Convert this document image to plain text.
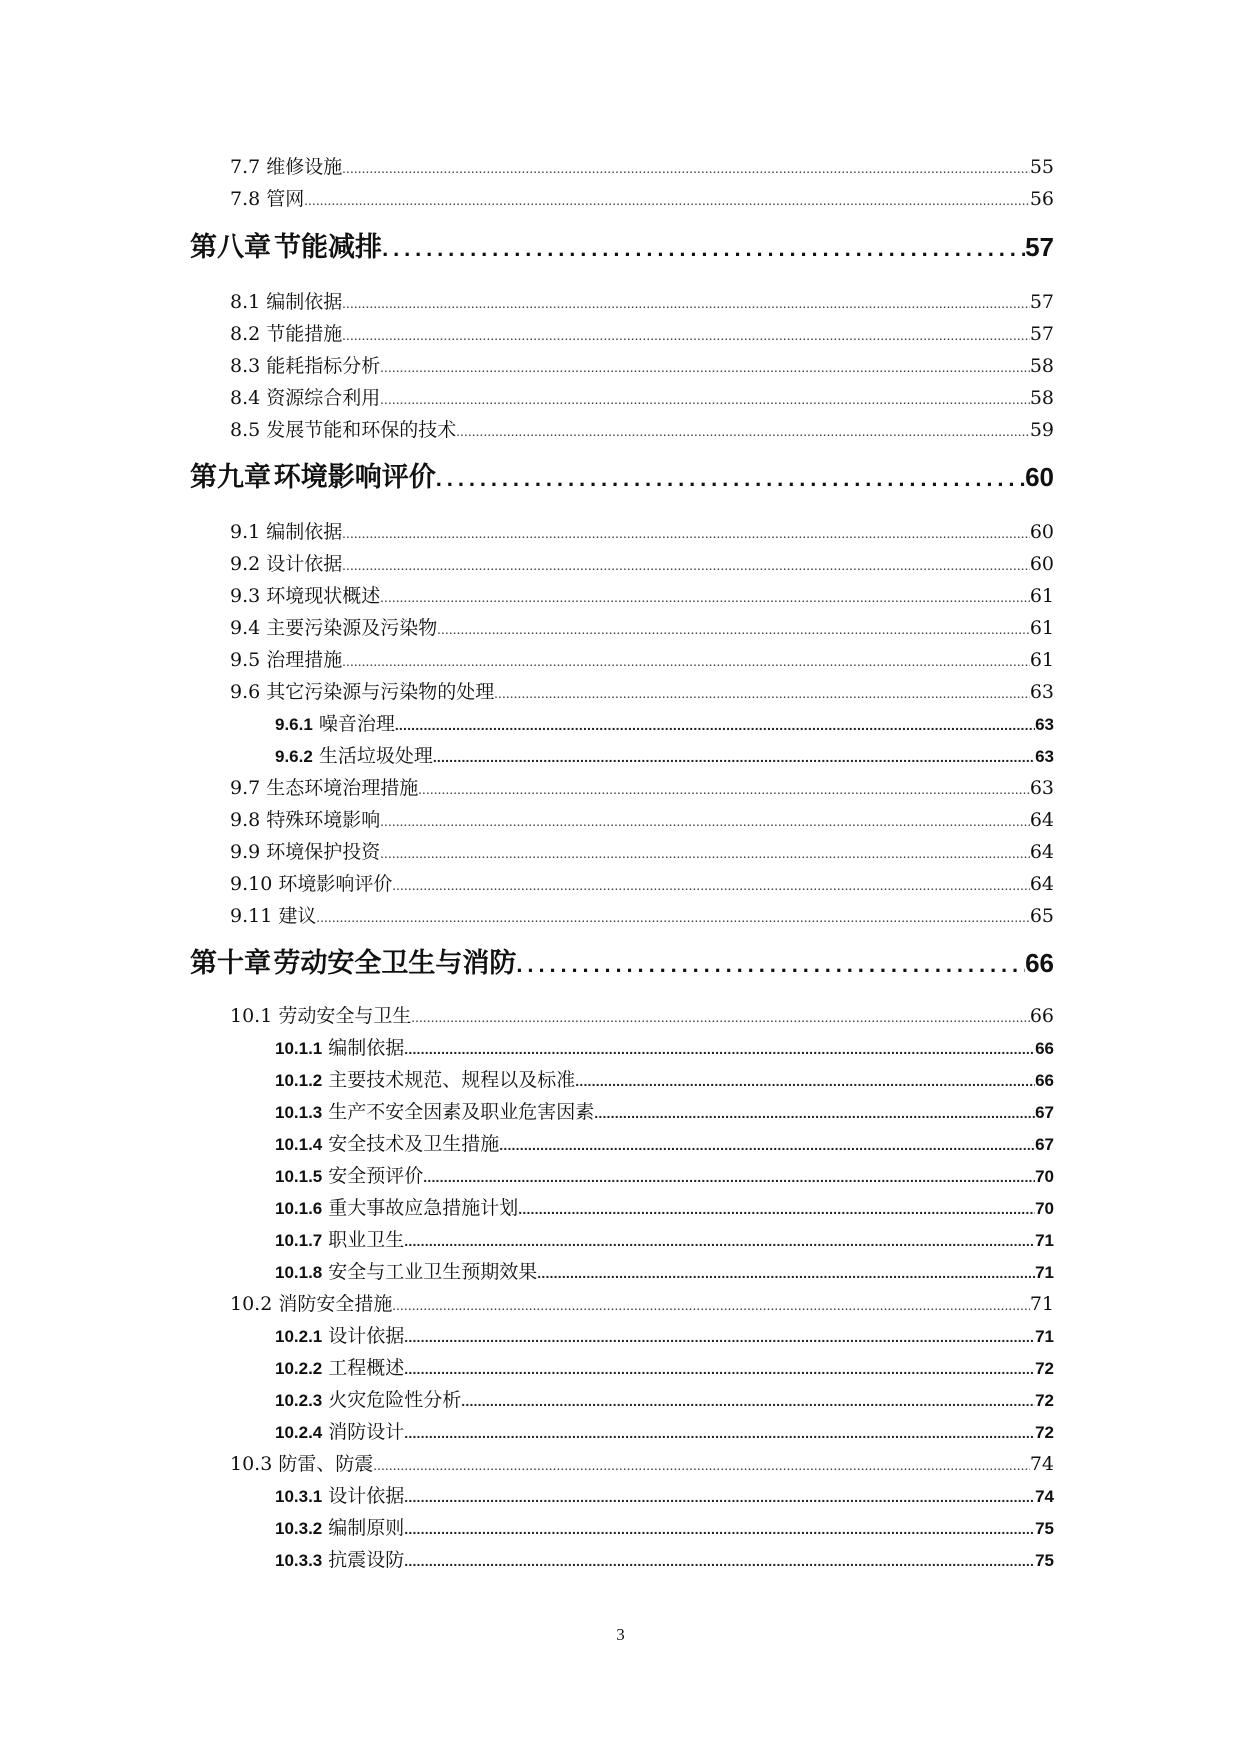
7.7 维修设施 .....	55
7.8 管网 .....	56
第八章 节能减排 .....	57
8.1 编制依据 .....	57
8.2 节能措施 .....	57
8.3 能耗指标分析 .....	58
8.4 资源综合利用 .....	58
8.5 发展节能和环保的技术 .....	59
第九章 环境影响评价 .....	60
9.1 编制依据 .....	60
9.2 设计依据 .....	60
9.3 环境现状概述 .....	61
9.4 主要污染源及污染物 .....	61
9.5 治理措施 .....	61
9.6 其它污染源与污染物的处理 .....	63
9.6.1 噪音治理 .....	63
9.6.2 生活垃圾处理 .....	63
9.7 生态环境治理措施 .....	63
9.8 特殊环境影响 .....	64
9.9 环境保护投资 .....	64
9.10 环境影响评价 .....	64
9.11 建议 .....	65
第十章 劳动安全卫生与消防 .....	66
10.1 劳动安全与卫生 .....	66
10.1.1 编制依据 .....	66
10.1.2 主要技术规范、规程以及标准 .....	66
10.1.3 生产不安全因素及职业危害因素 .....	67
10.1.4 安全技术及卫生措施 .....	67
10.1.5 安全预评价 .....	70
10.1.6 重大事故应急措施计划 .....	70
10.1.7 职业卫生 .....	71
10.1.8 安全与工业卫生预期效果 .....	71
10.2 消防安全措施 .....	71
10.2.1 设计依据 .....	71
10.2.2 工程概述 .....	72
10.2.3 火灾危险性分析 .....	72
10.2.4 消防设计 .....	72
10.3 防雷、防震 .....	74
10.3.1 设计依据 .....	74
10.3.2 编制原则 .....	75
10.3.3 抗震设防 .....	75
3
